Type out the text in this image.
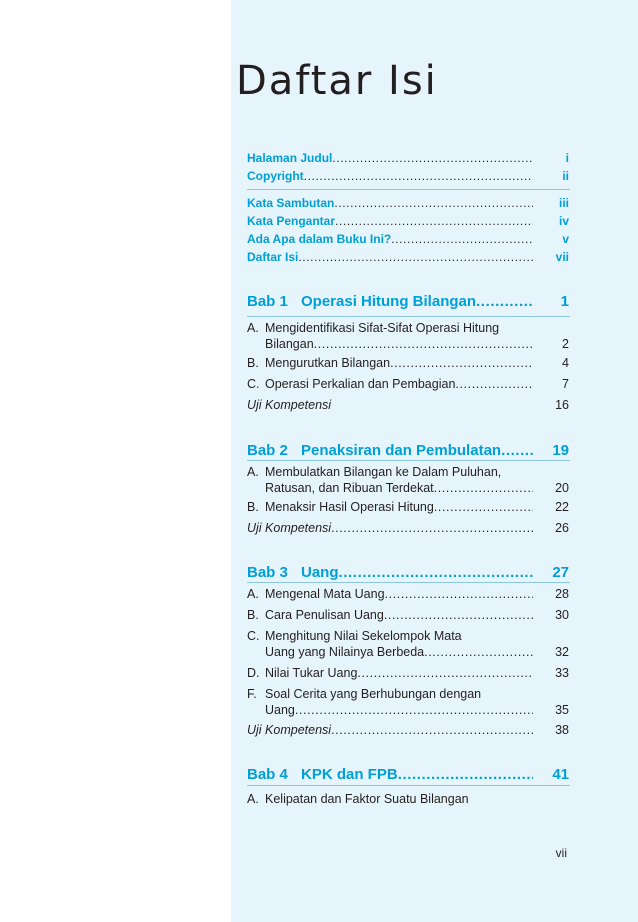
Daftar Isi
Halaman Judul .....	i
Copyright .....	ii
Kata Sambutan .....	iii
Kata Pengantar .....	iv
Ada Apa dalam Buku Ini? .....	v
Daftar Isi .....	vii
Bab 1 Operasi Hitung Bilangan .....	1
A. Mengidentifikasi Sifat-Sifat Operasi Hitung
Bilangan .....	2
B. Mengurutkan Bilangan .....	4
C. Operasi Perkalian dan Pembagian .....	7
Uji Kompetensi	16
Bab 2 Penaksiran dan Pembulatan .....	19
A. Membulatkan Bilangan ke Dalam Puluhan,
Ratusan, dan Ribuan Terdekat .....	20
B. Menaksir Hasil Operasi Hitung .....	22
Uji Kompetensi .....	26
Bab 3 Uang .....	27
A. Mengenal Mata Uang .....	28
B. Cara Penulisan Uang .....	30
C. Menghitung Nilai Sekelompok Mata
Uang yang Nilainya Berbeda .....	32
D. Nilai Tukar Uang .....	33
F. Soal Cerita yang Berhubungan dengan
Uang .....	35
Uji Kompetensi .....	38
Bab 4 KPK dan FPB .....	41
A. Kelipatan dan Faktor Suatu Bilangan
vii
